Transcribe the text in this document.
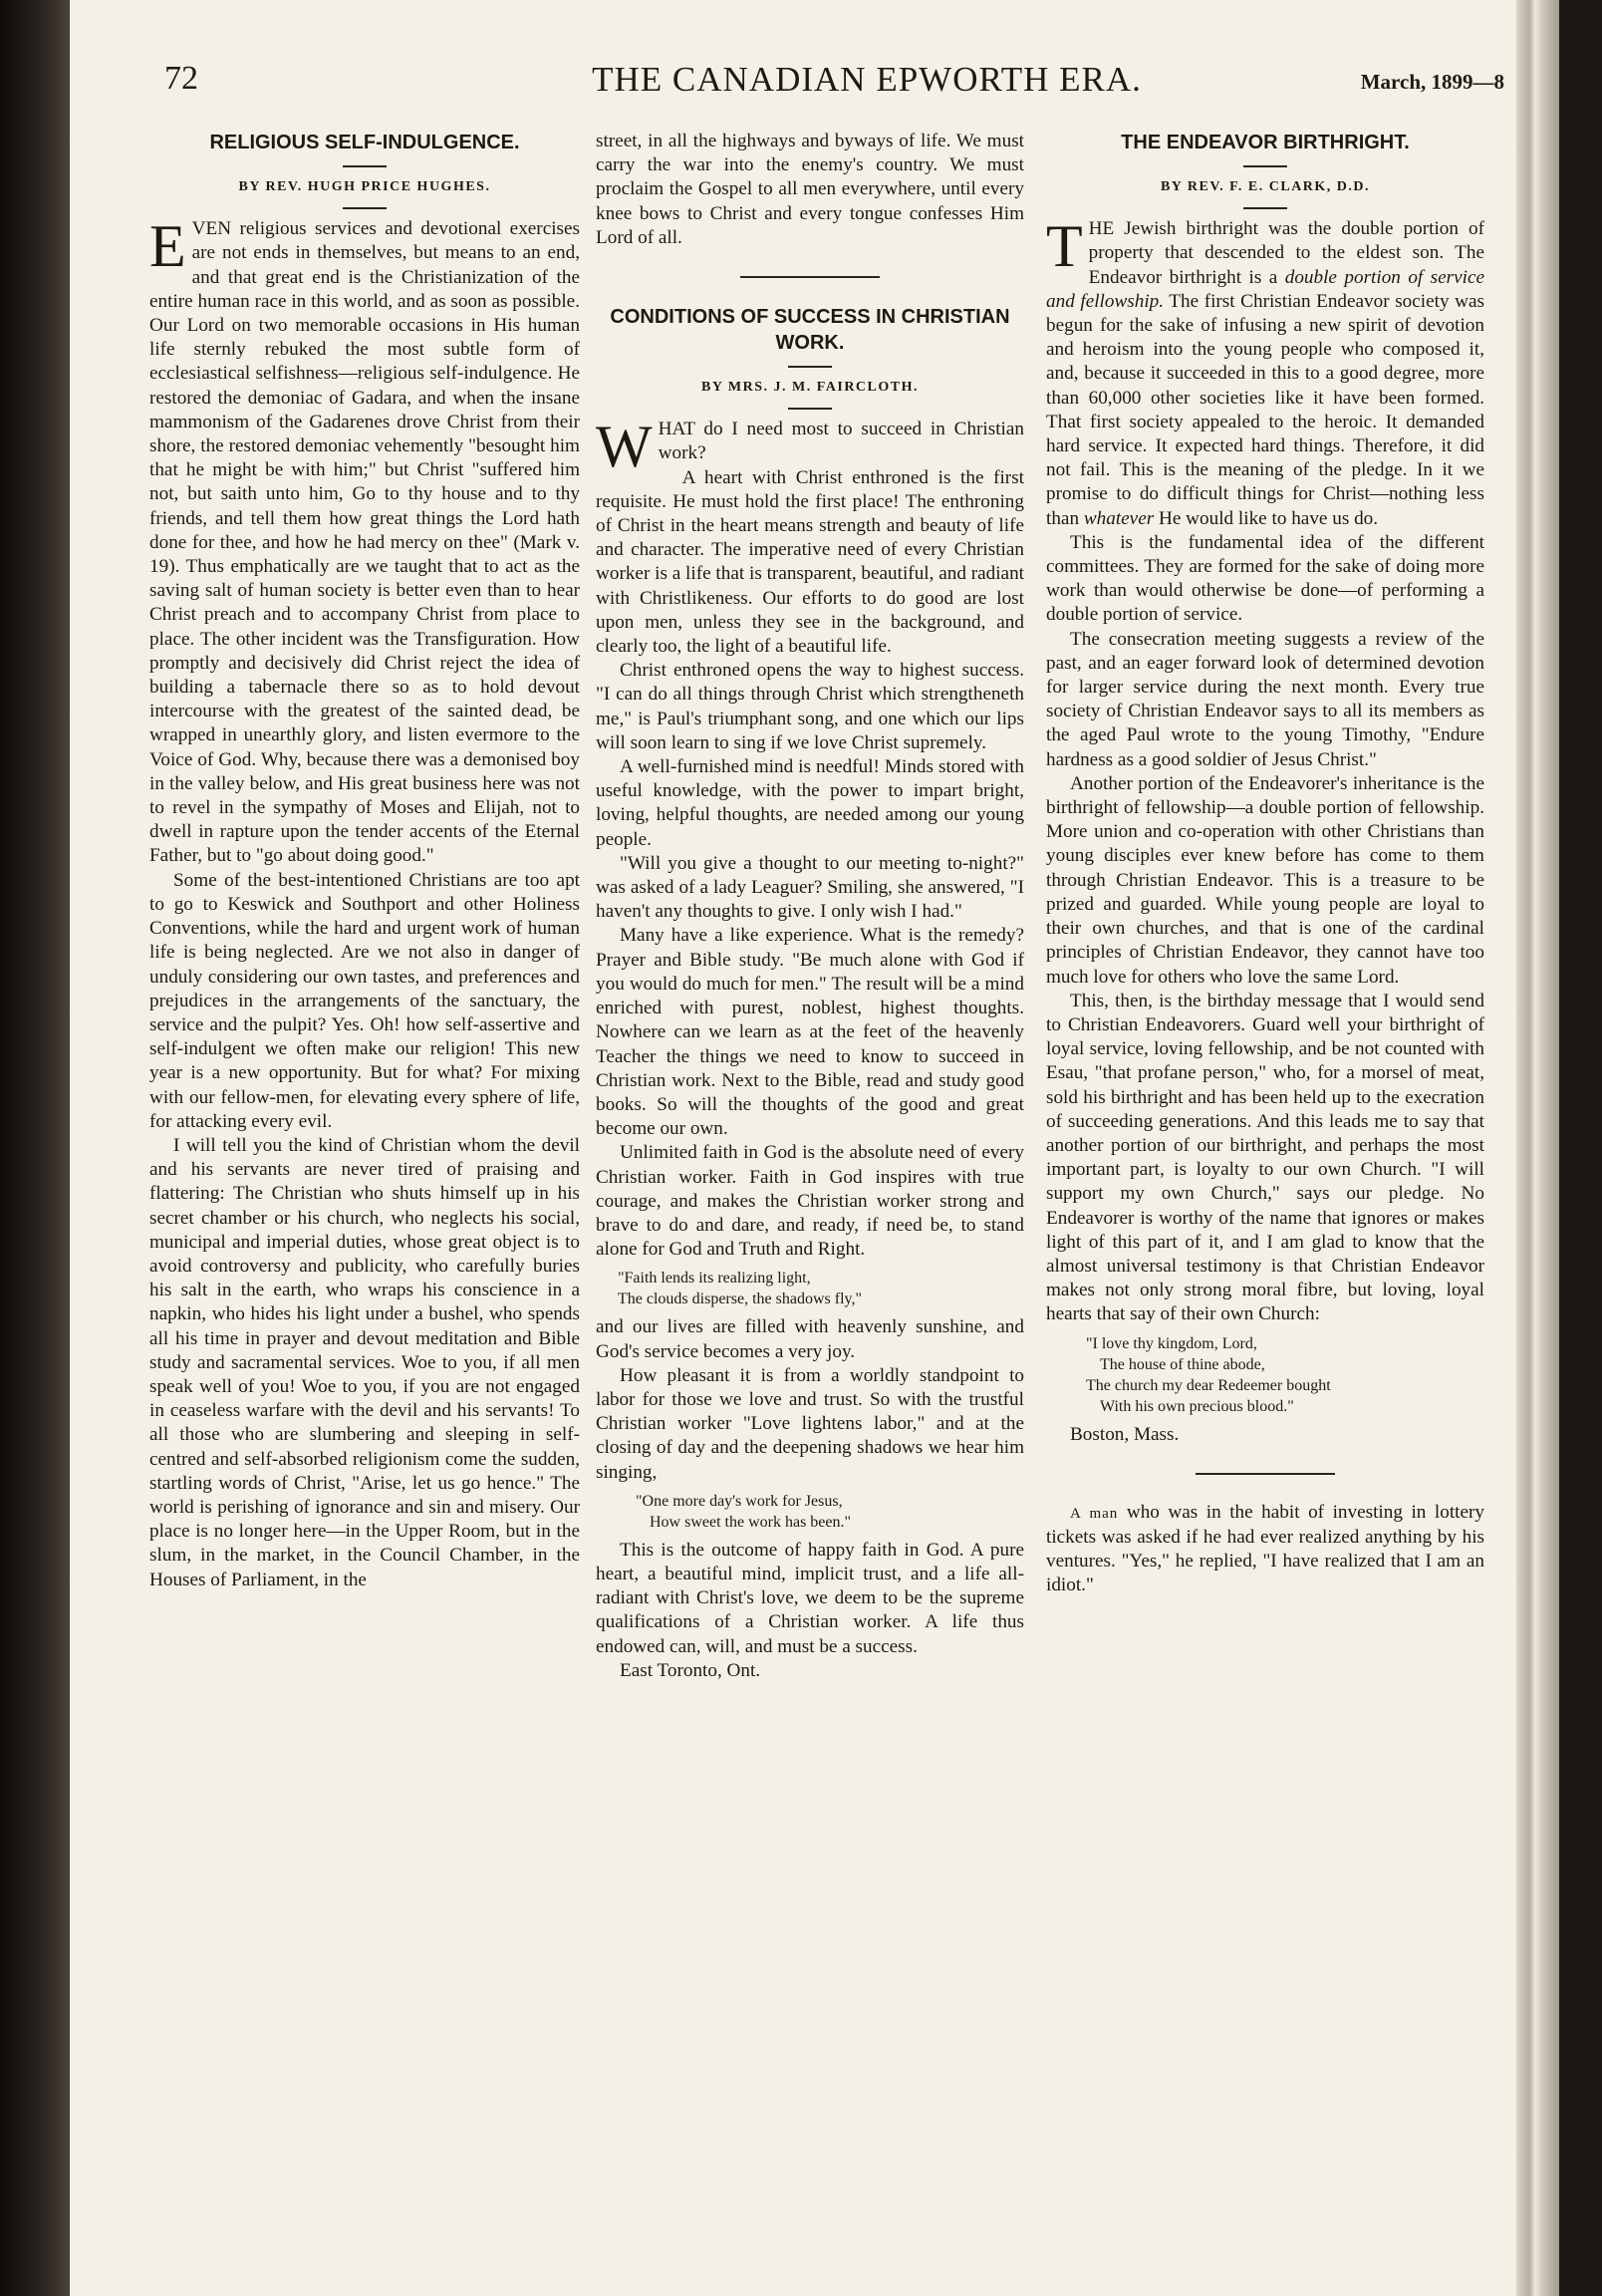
72	THE CANADIAN EPWORTH ERA.	March, 1899—8
RELIGIOUS SELF-INDULGENCE.
BY REV. HUGH PRICE HUGHES.

EVEN religious services and devotional exercises are not ends in themselves, but means to an end, and that great end is the Christianization of the entire human race in this world, and as soon as possible. Our Lord on two memorable occasions in His human life sternly rebuked the most subtle form of ecclesiastical selfishness—religious self-indulgence. He restored the demoniac of Gadara, and when the insane mammonism of the Gadarenes drove Christ from their shore, the restored demoniac vehemently "besought him that he might be with him;" but Christ "suffered him not, but saith unto him, Go to thy house and to thy friends, and tell them how great things the Lord hath done for thee, and how he had mercy on thee" (Mark v. 19). Thus emphatically are we taught that to act as the saving salt of human society is better even than to hear Christ preach and to accompany Christ from place to place. The other incident was the Transfiguration. How promptly and decisively did Christ reject the idea of building a tabernacle there so as to hold devout intercourse with the greatest of the sainted dead, be wrapped in unearthly glory, and listen evermore to the Voice of God. Why, because there was a demonised boy in the valley below, and His great business here was not to revel in the sympathy of Moses and Elijah, not to dwell in rapture upon the tender accents of the Eternal Father, but to "go about doing good."

Some of the best-intentioned Christians are too apt to go to Keswick and Southport and other Holiness Conventions, while the hard and urgent work of human life is being neglected. Are we not also in danger of unduly considering our own tastes, and preferences and prejudices in the arrangements of the sanctuary, the service and the pulpit? Yes. Oh! how self-assertive and self-indulgent we often make our religion! This new year is a new opportunity. But for what? For mixing with our fellow-men, for elevating every sphere of life, for attacking every evil.

I will tell you the kind of Christian whom the devil and his servants are never tired of praising and flattering: The Christian who shuts himself up in his secret chamber or his church, who neglects his social, municipal and imperial duties, whose great object is to avoid controversy and publicity, who carefully buries his salt in the earth, who wraps his conscience in a napkin, who hides his light under a bushel, who spends all his time in prayer and devout meditation and Bible study and sacramental services. Woe to you, if all men speak well of you! Woe to you, if you are not engaged in ceaseless warfare with the devil and his servants! To all those who are slumbering and sleeping in self-centred and self-absorbed religionism come the sudden, startling words of Christ, "Arise, let us go hence." The world is perishing of ignorance and sin and misery. Our place is no longer here—in the Upper Room, but in the slum, in the market, in the Council Chamber, in the Houses of Parliament, in the

street, in all the highways and byways of life. We must carry the war into the enemy's country. We must proclaim the Gospel to all men everywhere, until every knee bows to Christ and every tongue confesses Him Lord of all.

CONDITIONS OF SUCCESS IN CHRISTIAN WORK.
BY MRS. J. M. FAIRCLOTH.

WHAT do I need most to succeed in Christian work?

A heart with Christ enthroned is the first requisite. He must hold the first place! The enthroning of Christ in the heart means strength and beauty of life and character. The imperative need of every Christian worker is a life that is transparent, beautiful, and radiant with Christlikeness. Our efforts to do good are lost upon men, unless they see in the background, and clearly too, the light of a beautiful life.

Christ enthroned opens the way to highest success. "I can do all things through Christ which strengtheneth me," is Paul's triumphant song, and one which our lips will soon learn to sing if we love Christ supremely.

A well-furnished mind is needful! Minds stored with useful knowledge, with the power to impart bright, loving, helpful thoughts, are needed among our young people.

"Will you give a thought to our meeting to-night?" was asked of a lady Leaguer? Smiling, she answered, "I haven't any thoughts to give. I only wish I had."

Many have a like experience. What is the remedy? Prayer and Bible study. "Be much alone with God if you would do much for men." The result will be a mind enriched with purest, noblest, highest thoughts. Nowhere can we learn as at the feet of the heavenly Teacher the things we need to know to succeed in Christian work. Next to the Bible, read and study good books. So will the thoughts of the good and great become our own.

Unlimited faith in God is the absolute need of every Christian worker. Faith in God inspires with true courage, and makes the Christian worker strong and brave to do and dare, and ready, if need be, to stand alone for God and Truth and Right.

"Faith lends its realizing light,
The clouds disperse, the shadows fly,"

and our lives are filled with heavenly sunshine, and God's service becomes a very joy.

How pleasant it is from a worldly standpoint to labor for those we love and trust. So with the trustful Christian worker "Love lightens labor," and at the closing of day and the deepening shadows we hear him singing,

"One more day's work for Jesus,
How sweet the work has been."

This is the outcome of happy faith in God. A pure heart, a beautiful mind, implicit trust, and a life all-radiant with Christ's love, we deem to be the supreme qualifications of a Christian worker. A life thus endowed can, will, and must be a success.

East Toronto, Ont.

THE ENDEAVOR BIRTHRIGHT.
BY REV. F. E. CLARK, D.D.

THE Jewish birthright was the double portion of property that descended to the eldest son. The Endeavor birthright is a double portion of service and fellowship. The first Christian Endeavor society was begun for the sake of infusing a new spirit of devotion and heroism into the young people who composed it, and, because it succeeded in this to a good degree, more than 60,000 other societies like it have been formed. That first society appealed to the heroic. It demanded hard service. It expected hard things. Therefore, it did not fail. This is the meaning of the pledge. In it we promise to do difficult things for Christ—nothing less than whatever He would like to have us do.

This is the fundamental idea of the different committees. They are formed for the sake of doing more work than would otherwise be done—of performing a double portion of service.

The consecration meeting suggests a review of the past, and an eager forward look of determined devotion for larger service during the next month. Every true society of Christian Endeavor says to all its members as the aged Paul wrote to the young Timothy, "Endure hardness as a good soldier of Jesus Christ."

Another portion of the Endeavorer's inheritance is the birthright of fellowship—a double portion of fellowship. More union and co-operation with other Christians than young disciples ever knew before has come to them through Christian Endeavor. This is a treasure to be prized and guarded. While young people are loyal to their own churches, and that is one of the cardinal principles of Christian Endeavor, they cannot have too much love for others who love the same Lord.

This, then, is the birthday message that I would send to Christian Endeavorers. Guard well your birthright of loyal service, loving fellowship, and be not counted with Esau, "that profane person," who, for a morsel of meat, sold his birthright and has been held up to the execration of succeeding generations. And this leads me to say that another portion of our birthright, and perhaps the most important part, is loyalty to our own Church. "I will support my own Church," says our pledge. No Endeavorer is worthy of the name that ignores or makes light of this part of it, and I am glad to know that the almost universal testimony is that Christian Endeavor makes not only strong moral fibre, but loving, loyal hearts that say of their own Church:

"I love thy kingdom, Lord,
The house of thine abode,
The church my dear Redeemer bought
With his own precious blood."

Boston, Mass.

A man who was in the habit of investing in lottery tickets was asked if he had ever realized anything by his ventures. "Yes," he replied, "I have realized that I am an idiot."
